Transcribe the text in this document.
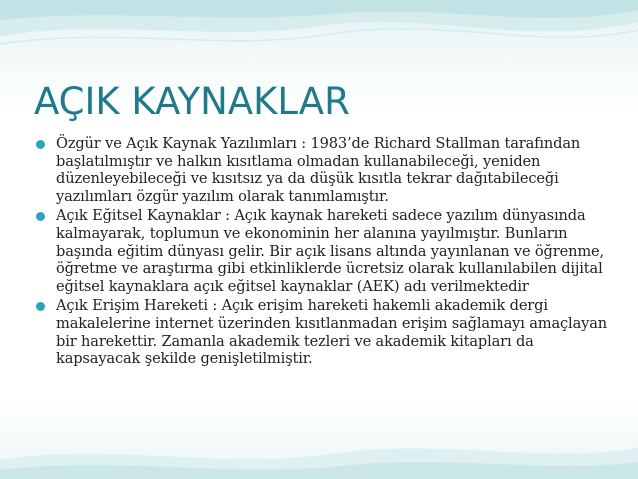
AÇIK KAYNAKLAR
Özgür ve Açık Kaynak Yazılımları : 1983’de Richard Stallman tarafından başlatılmıştır ve halkın kısıtlama olmadan kullanabileceği, yeniden düzenleyebileceği ve kısıtsız ya da düşük kısıtla tekrar dağıtabileceği yazılımları özgür yazılım olarak tanımlamıştır.
Açık Eğitsel Kaynaklar : Açık kaynak hareketi sadece yazılım dünyasında kalmayarak, toplumun ve ekonominin her alanına yayılmıştır. Bunların başında eğitim dünyası gelir. Bir açık lisans altında yayınlanan ve öğrenme, öğretme ve araştırma gibi etkinliklerde ücretsiz olarak kullanılabilen dijital eğitsel kaynaklara açık eğitsel kaynaklar (AEK) adı verilmektedir
Açık Erişim Hareketi : Açık erişim hareketi hakemli akademik dergi makalelerine internet üzerinden kısıtlanmadan erişim sağlamayı amaçlayan bir harekettir. Zamanla akademik tezleri ve akademik kitapları da kapsayacak şekilde genişletilmiştir.
